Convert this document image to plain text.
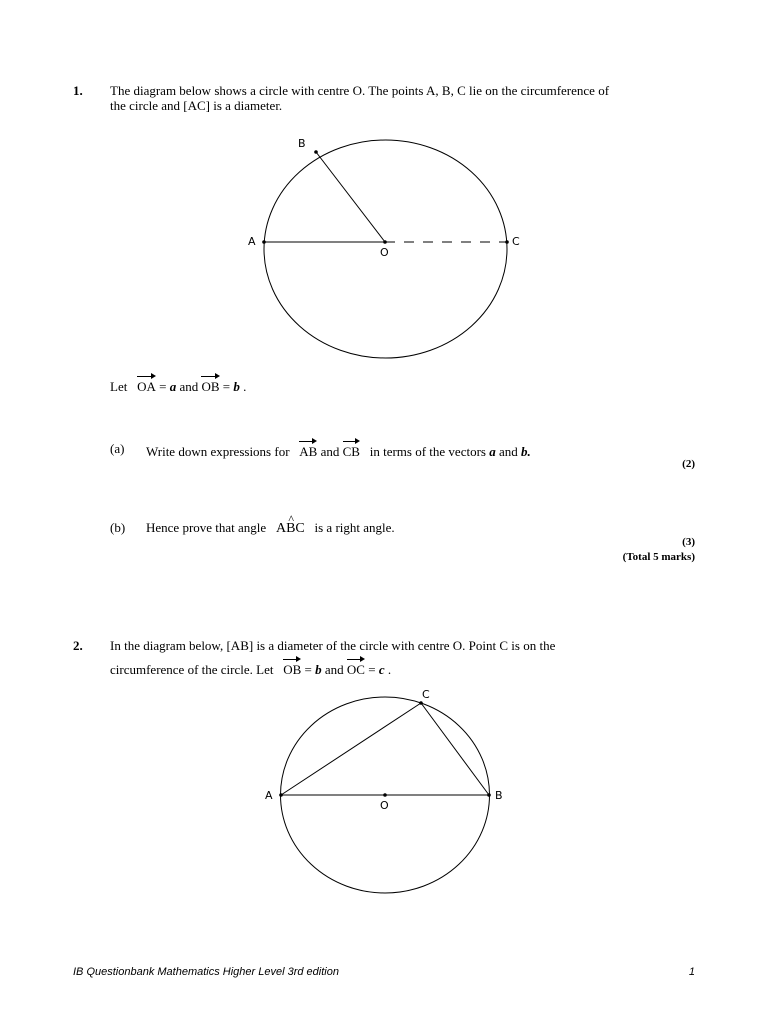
1. The diagram below shows a circle with centre O. The points A, B, C lie on the circumference of
the circle and [AC] is a diameter.
B
A
O
C
Let OA = a and OB = b .
(a) Write down expressions for AB and CB in terms of the vectors a and b.
(2)
(b) Hence prove that angle A^ BC is a right angle.
(3)
(Total 5 marks)
2. In the diagram below, [AB] is a diameter of the circle with centre O. Point C is on the
circumference of the circle. Let OB = b and OC = c .
C
A	B
O
IB Questionbank Mathematics Higher Level 3rd edition	1
